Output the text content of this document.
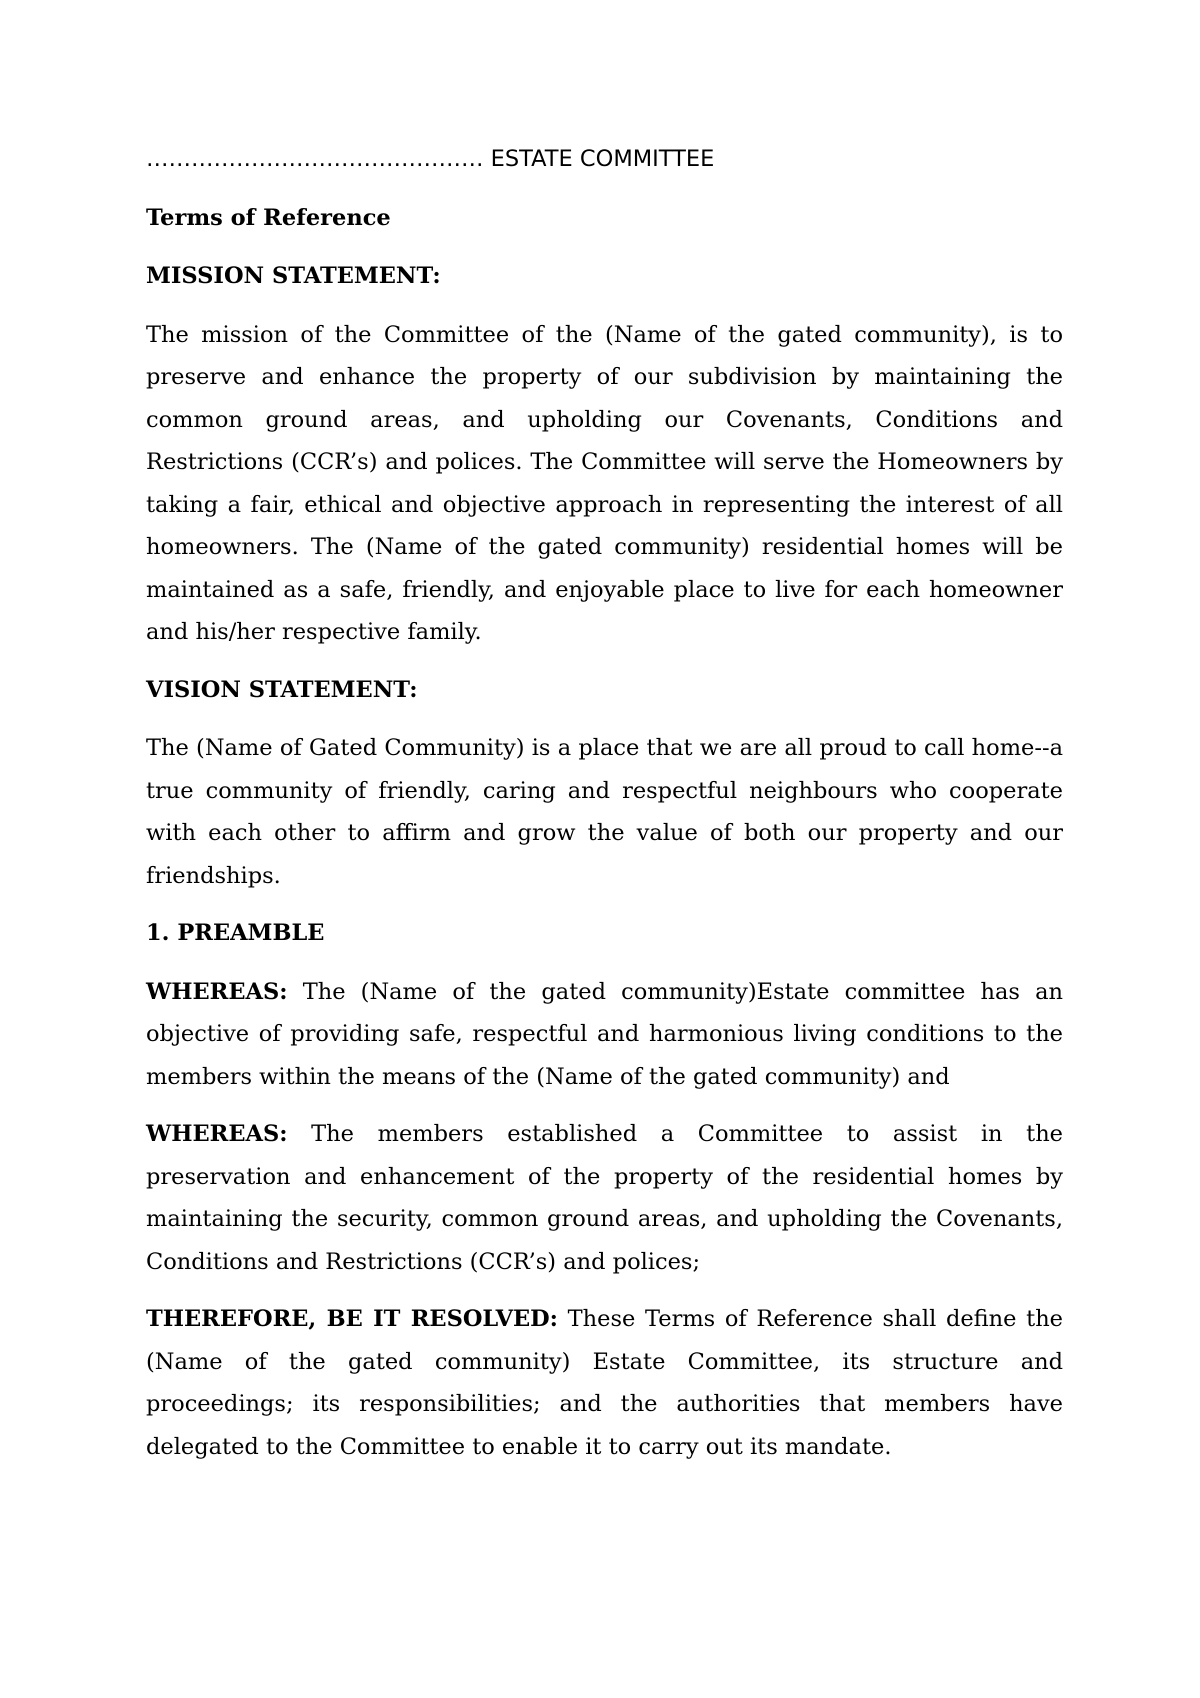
……………………………………… ESTATE COMMITTEE

Terms of Reference

MISSION STATEMENT:

The mission of the Committee of the (Name of the gated community), is to preserve and enhance the property of our subdivision by maintaining the common ground areas, and upholding our Covenants, Conditions and Restrictions (CCR’s) and polices. The Committee will serve the Homeowners by taking a fair, ethical and objective approach in representing the interest of all homeowners. The (Name of the gated community) residential homes will be maintained as a safe, friendly, and enjoyable place to live for each homeowner and his/her respective family.

VISION STATEMENT:

The (Name of Gated Community) is a place that we are all proud to call home--a true community of friendly, caring and respectful neighbours who cooperate with each other to affirm and grow the value of both our property and our friendships.

1. PREAMBLE

WHEREAS: The (Name of the gated community)Estate committee has an objective of providing safe, respectful and harmonious living conditions to the members within the means of the (Name of the gated community) and

WHEREAS: The members established a Committee to assist in the preservation and enhancement of the property of the residential homes by maintaining the security, common ground areas, and upholding the Covenants, Conditions and Restrictions (CCR’s) and polices;

THEREFORE, BE IT RESOLVED: These Terms of Reference shall define the (Name of the gated community) Estate Committee, its structure and proceedings; its responsibilities; and the authorities that members have delegated to the Committee to enable it to carry out its mandate.
